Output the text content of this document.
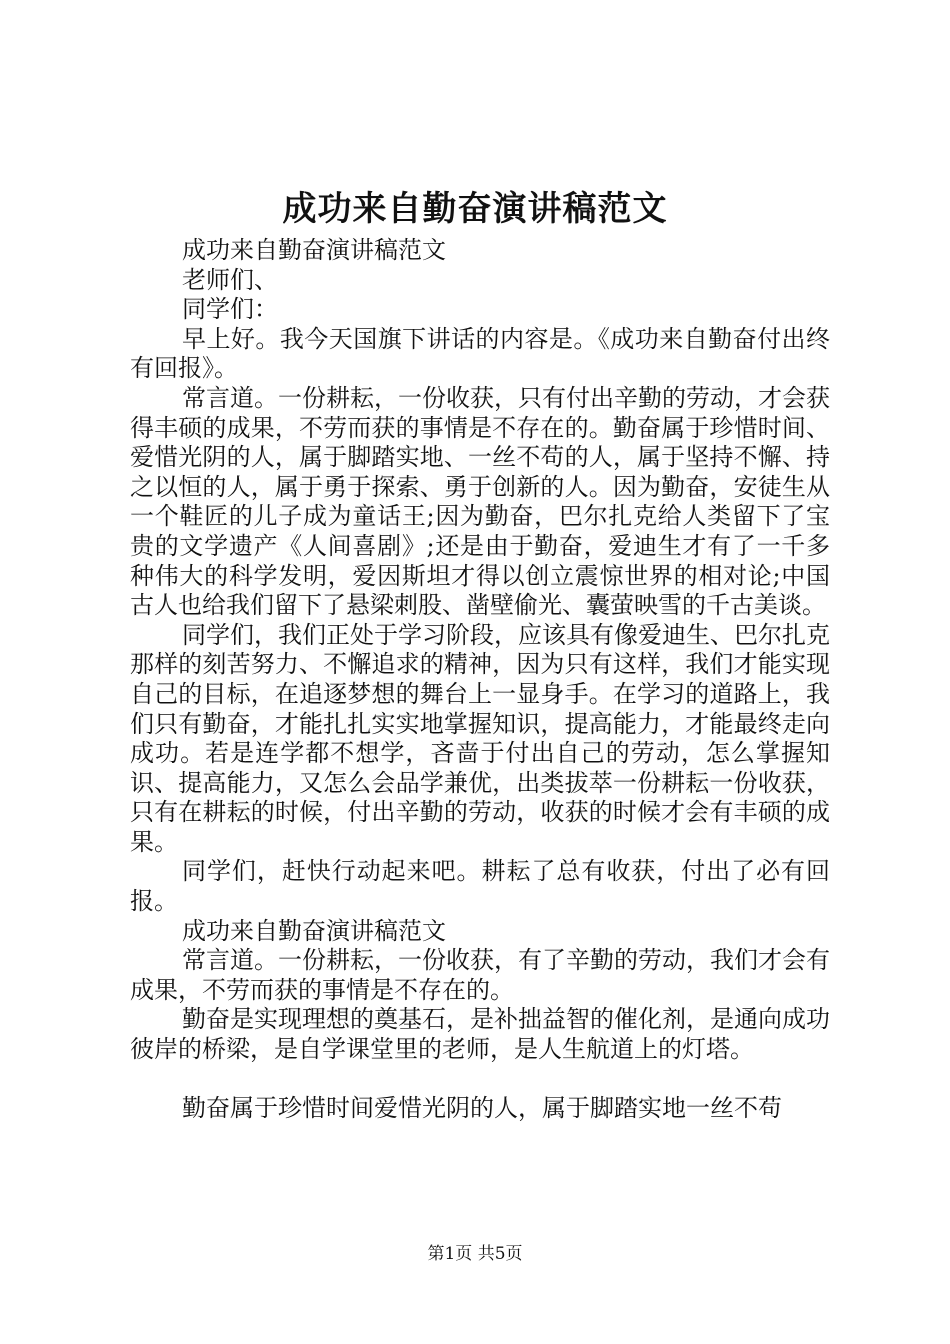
成功来自勤奋演讲稿范文

成功来自勤奋演讲稿范文

老师们、

同学们：

早上好。我今天国旗下讲话的内容是。《成功来自勤奋付出终有回报》。

常言道。一份耕耘，一份收获，只有付出辛勤的劳动，才会获得丰硕的成果，不劳而获的事情是不存在的。勤奋属于珍惜时间、爱惜光阴的人，属于脚踏实地、一丝不苟的人，属于坚持不懈、持之以恒的人，属于勇于探索、勇于创新的人。因为勤奋，安徒生从一个鞋匠的儿子成为童话王;因为勤奋，巴尔扎克给人类留下了宝贵的文学遗产《人间喜剧》;还是由于勤奋，爱迪生才有了一千多种伟大的科学发明，爱因斯坦才得以创立震惊世界的相对论;中国古人也给我们留下了悬梁刺股、凿壁偷光、囊萤映雪的千古美谈。

同学们，我们正处于学习阶段，应该具有像爱迪生、巴尔扎克那样的刻苦努力、不懈追求的精神，因为只有这样，我们才能实现自己的目标，在追逐梦想的舞台上一显身手。在学习的道路上，我们只有勤奋，才能扎扎实实地掌握知识，提高能力，才能最终走向成功。若是连学都不想学，吝啬于付出自己的劳动，怎么掌握知识、提高能力，又怎么会品学兼优，出类拔萃一份耕耘一份收获，只有在耕耘的时候，付出辛勤的劳动，收获的时候才会有丰硕的成果。

同学们，赶快行动起来吧。耕耘了总有收获，付出了必有回报。

成功来自勤奋演讲稿范文

常言道。一份耕耘，一份收获，有了辛勤的劳动，我们才会有成果，不劳而获的事情是不存在的。

勤奋是实现理想的奠基石，是补拙益智的催化剂，是通向成功彼岸的桥梁，是自学课堂里的老师，是人生航道上的灯塔。

勤奋属于珍惜时间爱惜光阴的人，属于脚踏实地一丝不苟

第1页 共5页
